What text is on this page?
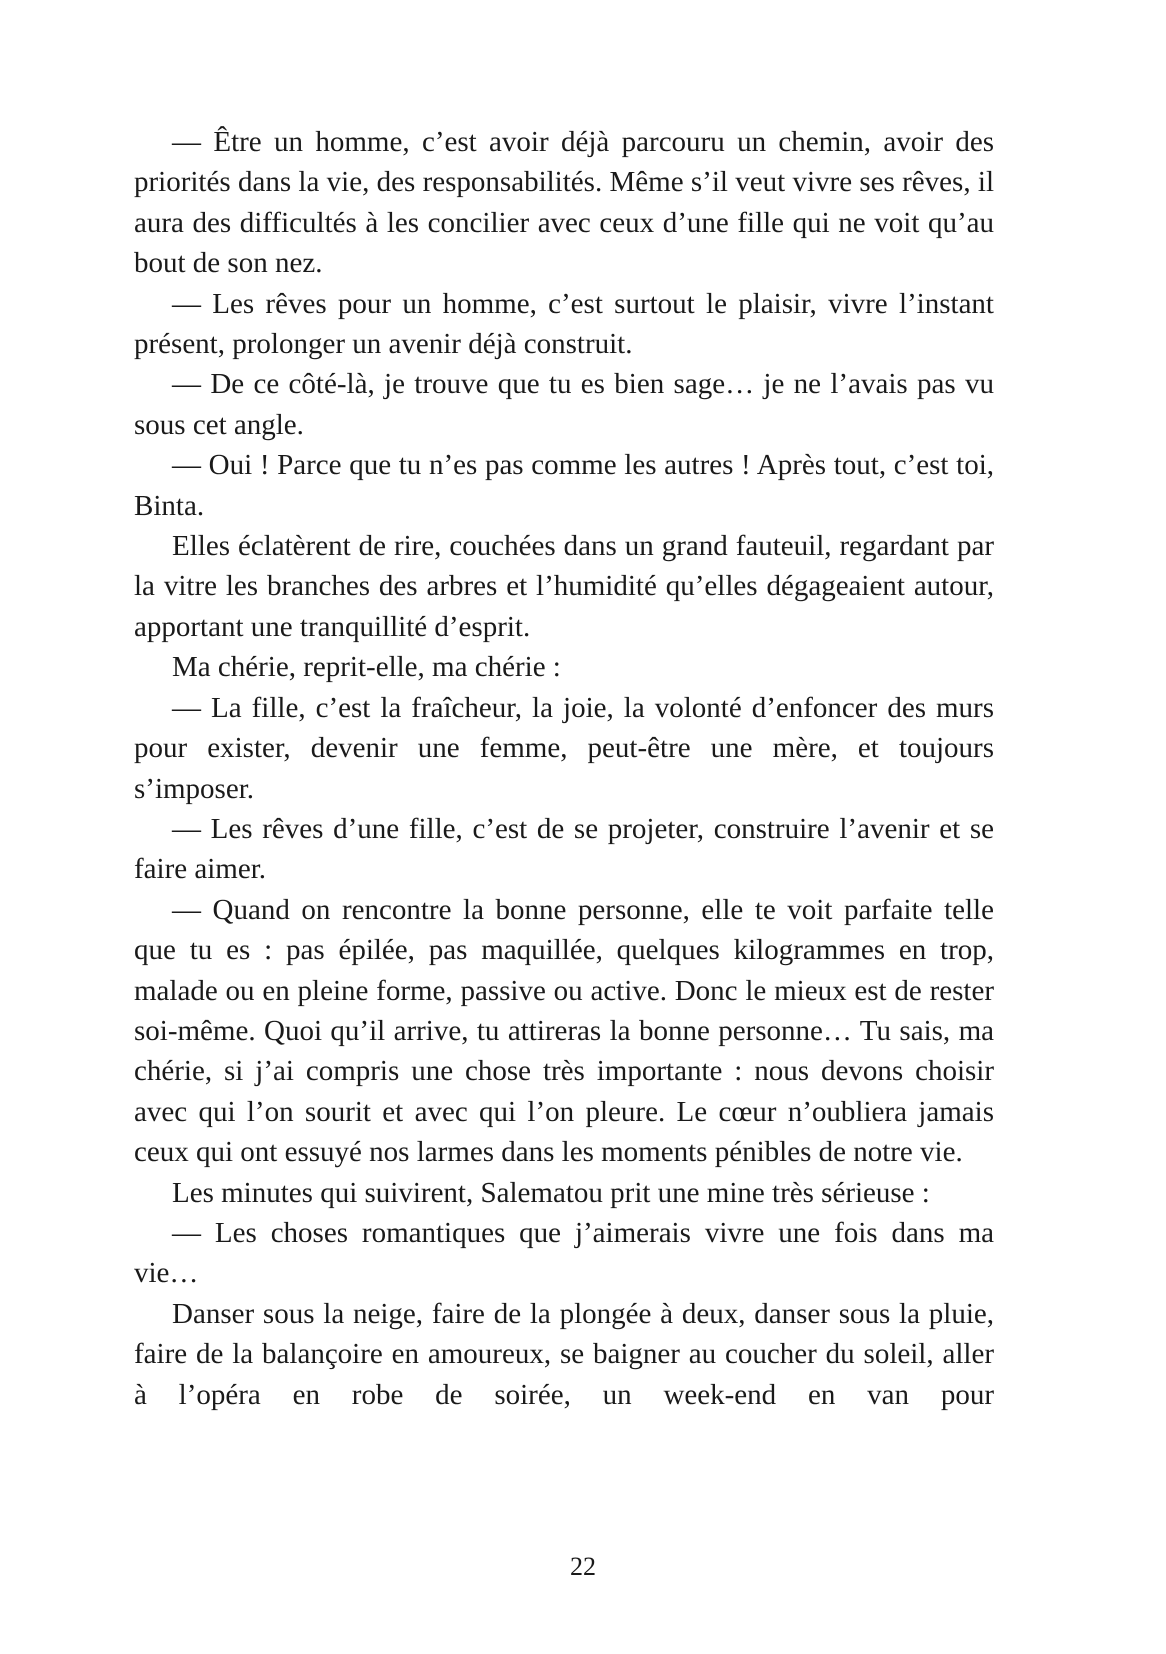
— Être un homme, c’est avoir déjà parcouru un chemin, avoir des priorités dans la vie, des responsabilités. Même s’il veut vivre ses rêves, il aura des difficultés à les concilier avec ceux d’une fille qui ne voit qu’au bout de son nez.

— Les rêves pour un homme, c’est surtout le plaisir, vivre l’instant présent, prolonger un avenir déjà construit.

— De ce côté-là, je trouve que tu es bien sage… je ne l’avais pas vu sous cet angle.

— Oui ! Parce que tu n’es pas comme les autres ! Après tout, c’est toi, Binta.

Elles éclatèrent de rire, couchées dans un grand fauteuil, regardant par la vitre les branches des arbres et l’humidité qu’elles dégageaient autour, apportant une tranquillité d’esprit.

Ma chérie, reprit-elle, ma chérie :

— La fille, c’est la fraîcheur, la joie, la volonté d’enfoncer des murs pour exister, devenir une femme, peut-être une mère, et toujours s’imposer.

— Les rêves d’une fille, c’est de se projeter, construire l’avenir et se faire aimer.

— Quand on rencontre la bonne personne, elle te voit parfaite telle que tu es : pas épilée, pas maquillée, quelques kilogrammes en trop, malade ou en pleine forme, passive ou active. Donc le mieux est de rester soi-même. Quoi qu’il arrive, tu attireras la bonne personne… Tu sais, ma chérie, si j’ai compris une chose très importante : nous devons choisir avec qui l’on sourit et avec qui l’on pleure. Le cœur n’oubliera jamais ceux qui ont essuyé nos larmes dans les moments pénibles de notre vie.

Les minutes qui suivirent, Salematou prit une mine très sérieuse :

— Les choses romantiques que j’aimerais vivre une fois dans ma vie…

Danser sous la neige, faire de la plongée à deux, danser sous la pluie, faire de la balançoire en amoureux, se baigner au coucher du soleil, aller à l’opéra en robe de soirée, un week-end en van pour

22
